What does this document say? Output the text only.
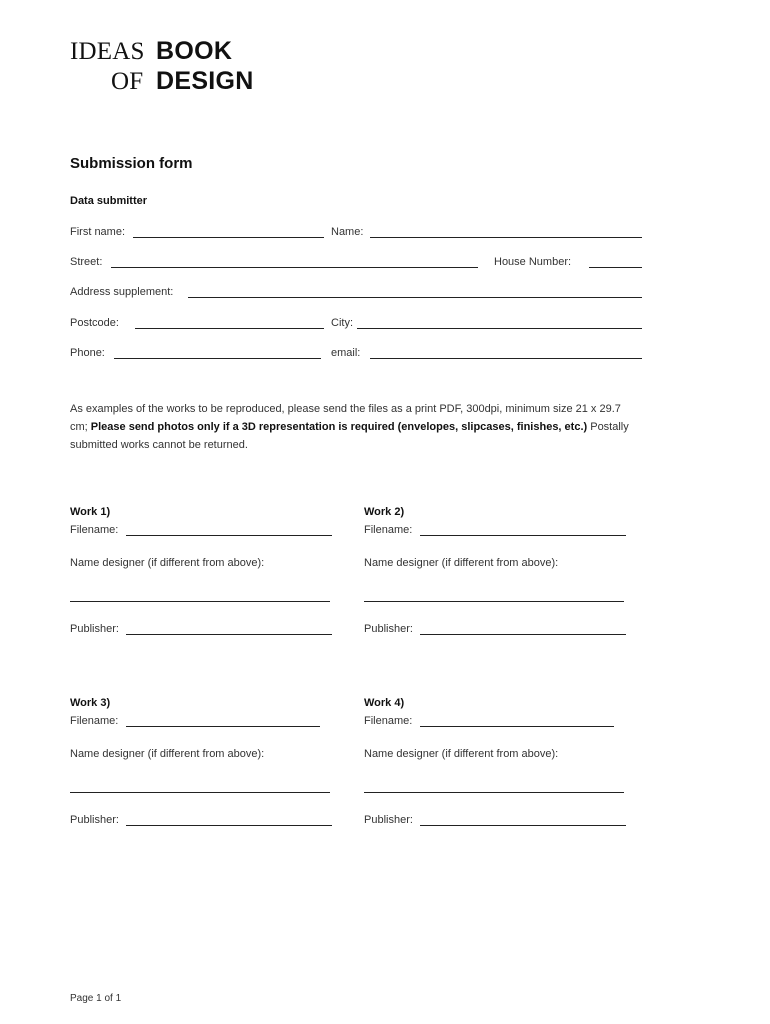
IDEAS BOOK
OF DESIGN
Submission form
Data submitter
First name:	Name:
Street:	House Number:
Address supplement:
Postcode:	City:
Phone:	email:
As examples of the works to be reproduced, please send the files as a print PDF, 300dpi, minimum size 21 x 29.7 cm; Please send photos only if a 3D representation is required (envelopes, slipcases, finishes, etc.) Postally submitted works cannot be returned.
Work 1)
Filename:
Name designer (if different from above):
Publisher:
Work 2)
Filename:
Name designer (if different from above):
Publisher:
Work 3)
Filename:
Name designer (if different from above):
Publisher:
Work 4)
Filename:
Name designer (if different from above):
Publisher:
Page 1 of 1
